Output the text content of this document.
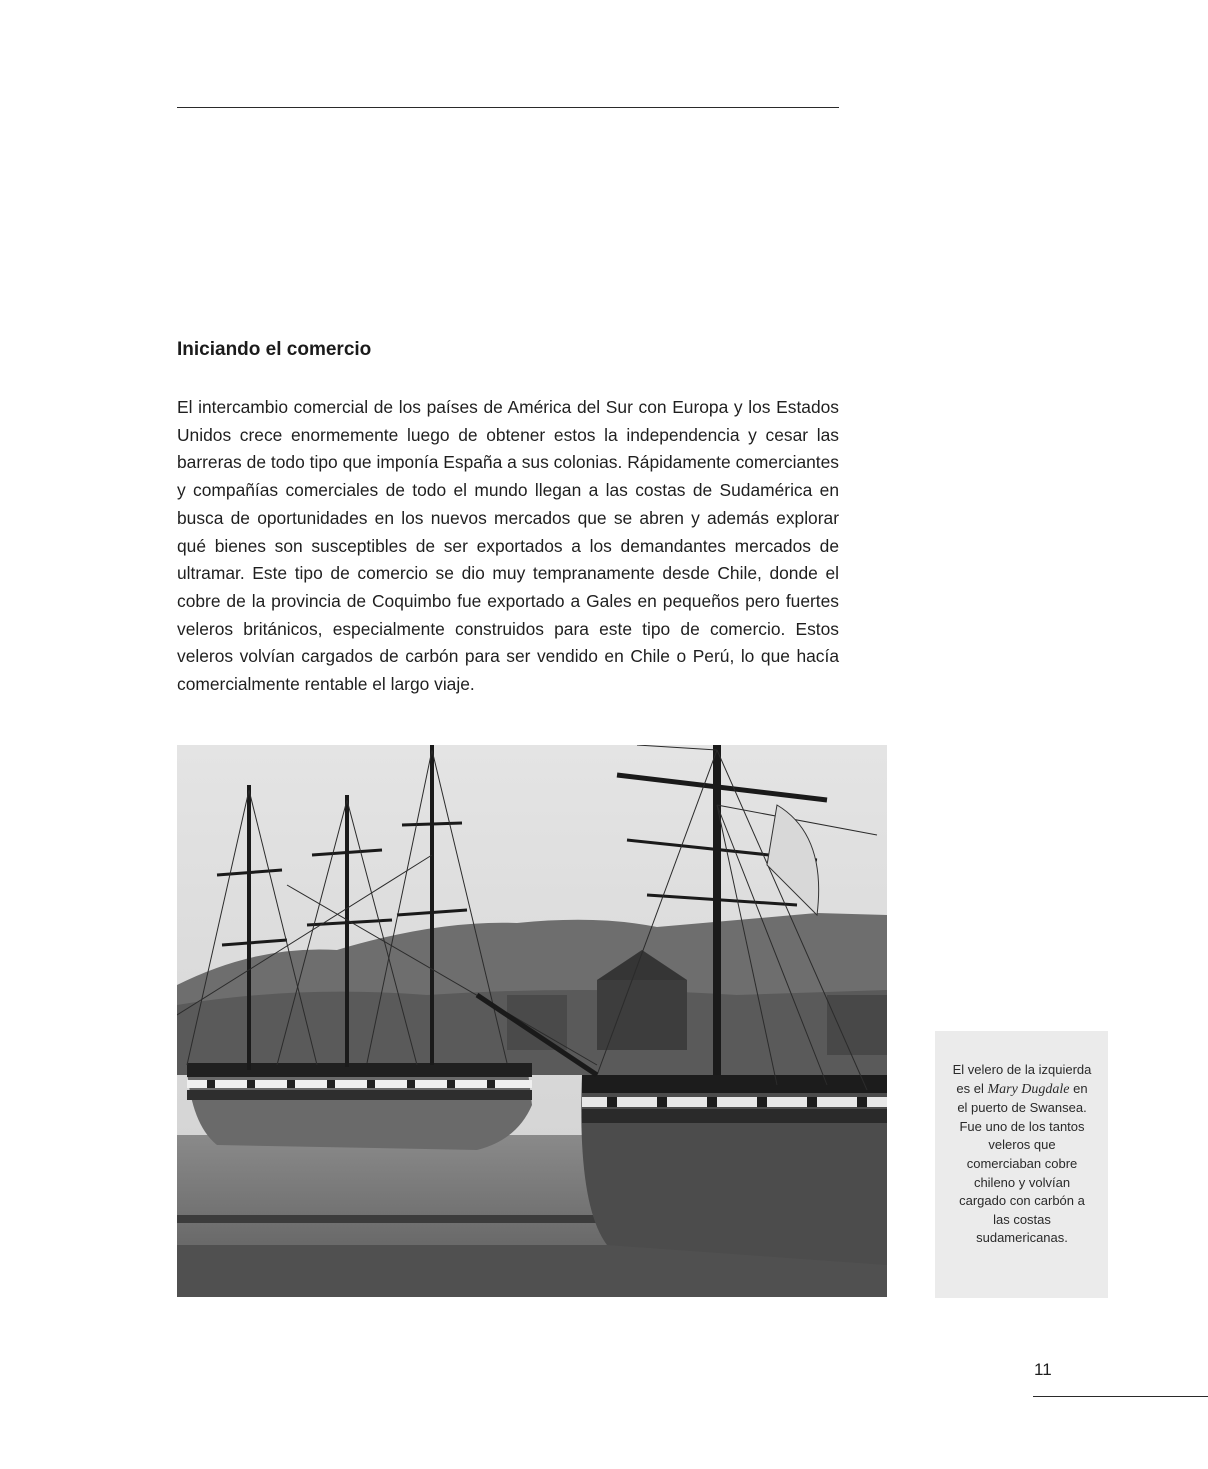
Iniciando el comercio

El intercambio comercial de los países de América del Sur con Europa y los Estados Unidos crece enormemente luego de obtener estos la independencia y cesar las barreras de todo tipo que imponía España a sus colonias. Rápidamente comerciantes y compañías comerciales de todo el mundo llegan a las costas de Sudamérica en busca de oportunidades en los nuevos mercados que se abren y además explorar qué bienes son susceptibles de ser exportados a los demandantes mercados de ultramar. Este tipo de comercio se dio muy tempranamente desde Chile, donde el cobre de la provincia de Coquimbo fue exportado a Gales en pequeños pero fuertes veleros británicos, especialmente construidos para este tipo de comercio. Estos veleros volvían cargados de carbón para ser vendido en Chile o Perú, lo que hacía comercialmente rentable el largo viaje.

El velero de la izquierda es el Mary Dugdale en el puerto de Swansea. Fue uno de los tantos veleros que comerciaban cobre chileno y volvían cargado con carbón a las costas sudamericanas.

11
